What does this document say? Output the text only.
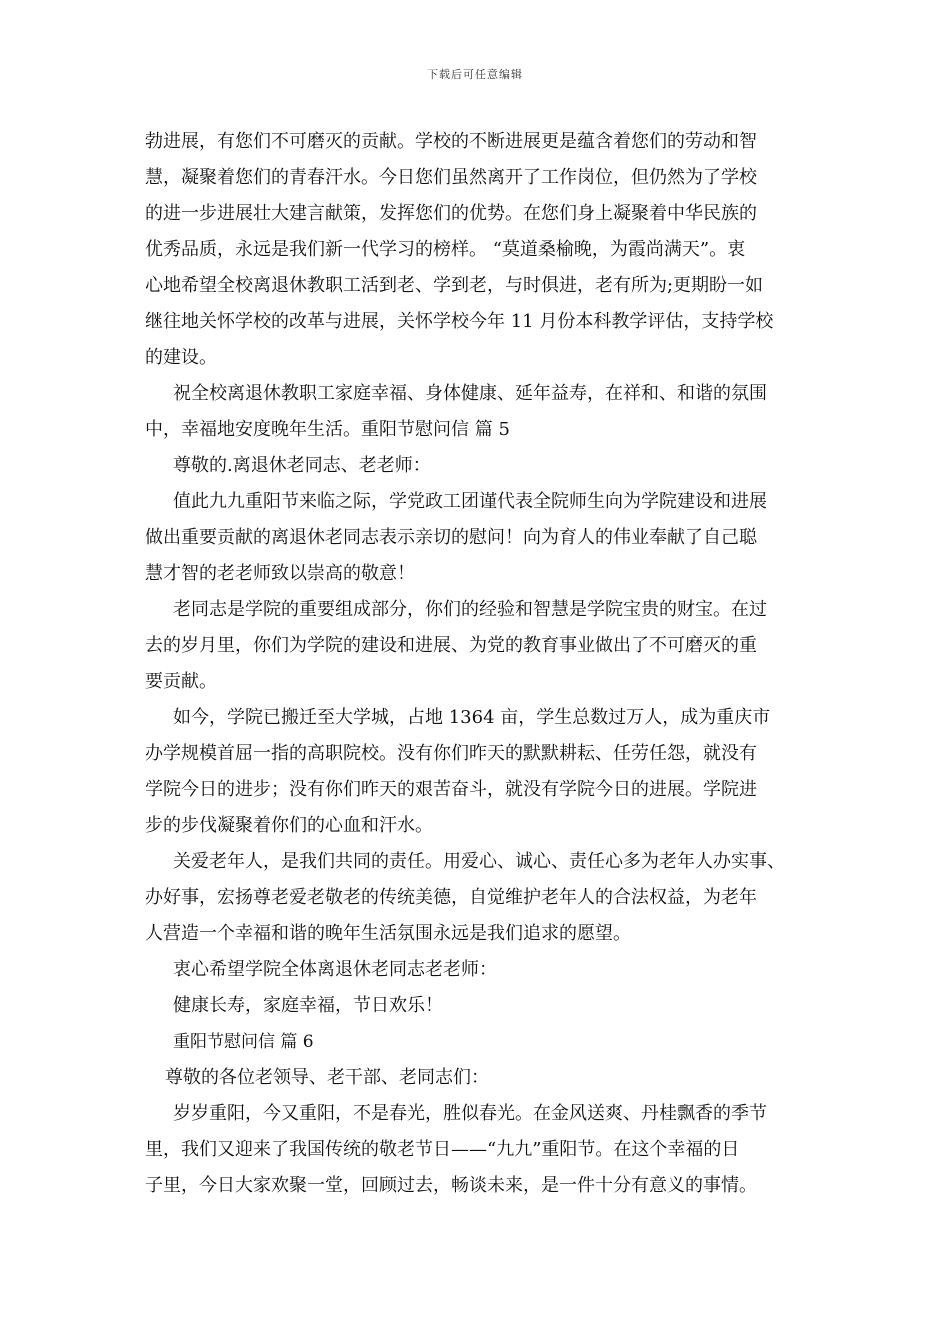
下载后可任意编辑
勃进展，有您们不可磨灭的贡献。学校的不断进展更是蕴含着您们的劳动和智
慧，凝聚着您们的青春汗水。今日您们虽然离开了工作岗位，但仍然为了学校
的进一步进展壮大建言献策，发挥您们的优势。在您们身上凝聚着中华民族的
优秀品质，永远是我们新一代学习的榜样。 “莫道桑榆晚，为霞尚满天”。衷
心地希望全校离退休教职工活到老、学到老，与时俱进，老有所为;更期盼一如
继往地关怀学校的改革与进展，关怀学校今年 11 月份本科教学评估，支持学校
的建设。
祝全校离退休教职工家庭幸福、身体健康、延年益寿，在祥和、和谐的氛围
中，幸福地安度晚年生活。重阳节慰问信 篇 5
尊敬的.离退休老同志、老老师：
值此九九重阳节来临之际，学党政工团谨代表全院师生向为学院建设和进展
做出重要贡献的离退休老同志表示亲切的慰问！向为育人的伟业奉献了自己聪
慧才智的老老师致以崇高的敬意！
老同志是学院的重要组成部分，你们的经验和智慧是学院宝贵的财宝。在过
去的岁月里，你们为学院的建设和进展、为党的教育事业做出了不可磨灭的重
要贡献。
如今，学院已搬迁至大学城，占地 1364 亩，学生总数过万人，成为重庆市
办学规模首屈一指的高职院校。没有你们昨天的默默耕耘、任劳任怨，就没有
学院今日的进步；没有你们昨天的艰苦奋斗，就没有学院今日的进展。学院进
步的步伐凝聚着你们的心血和汗水。
关爱老年人，是我们共同的责任。用爱心、诚心、责任心多为老年人办实事、
办好事，宏扬尊老爱老敬老的传统美德，自觉维护老年人的合法权益，为老年
人营造一个幸福和谐的晚年生活氛围永远是我们追求的愿望。
衷心希望学院全体离退休老同志老老师：
健康长寿，家庭幸福，节日欢乐！
重阳节慰问信 篇 6
尊敬的各位老领导、老干部、老同志们：
岁岁重阳，今又重阳，不是春光，胜似春光。在金风送爽、丹桂飘香的季节
里，我们又迎来了我国传统的敬老节日——“九九”重阳节。在这个幸福的日
子里，今日大家欢聚一堂，回顾过去，畅谈未来，是一件十分有意义的事情。
